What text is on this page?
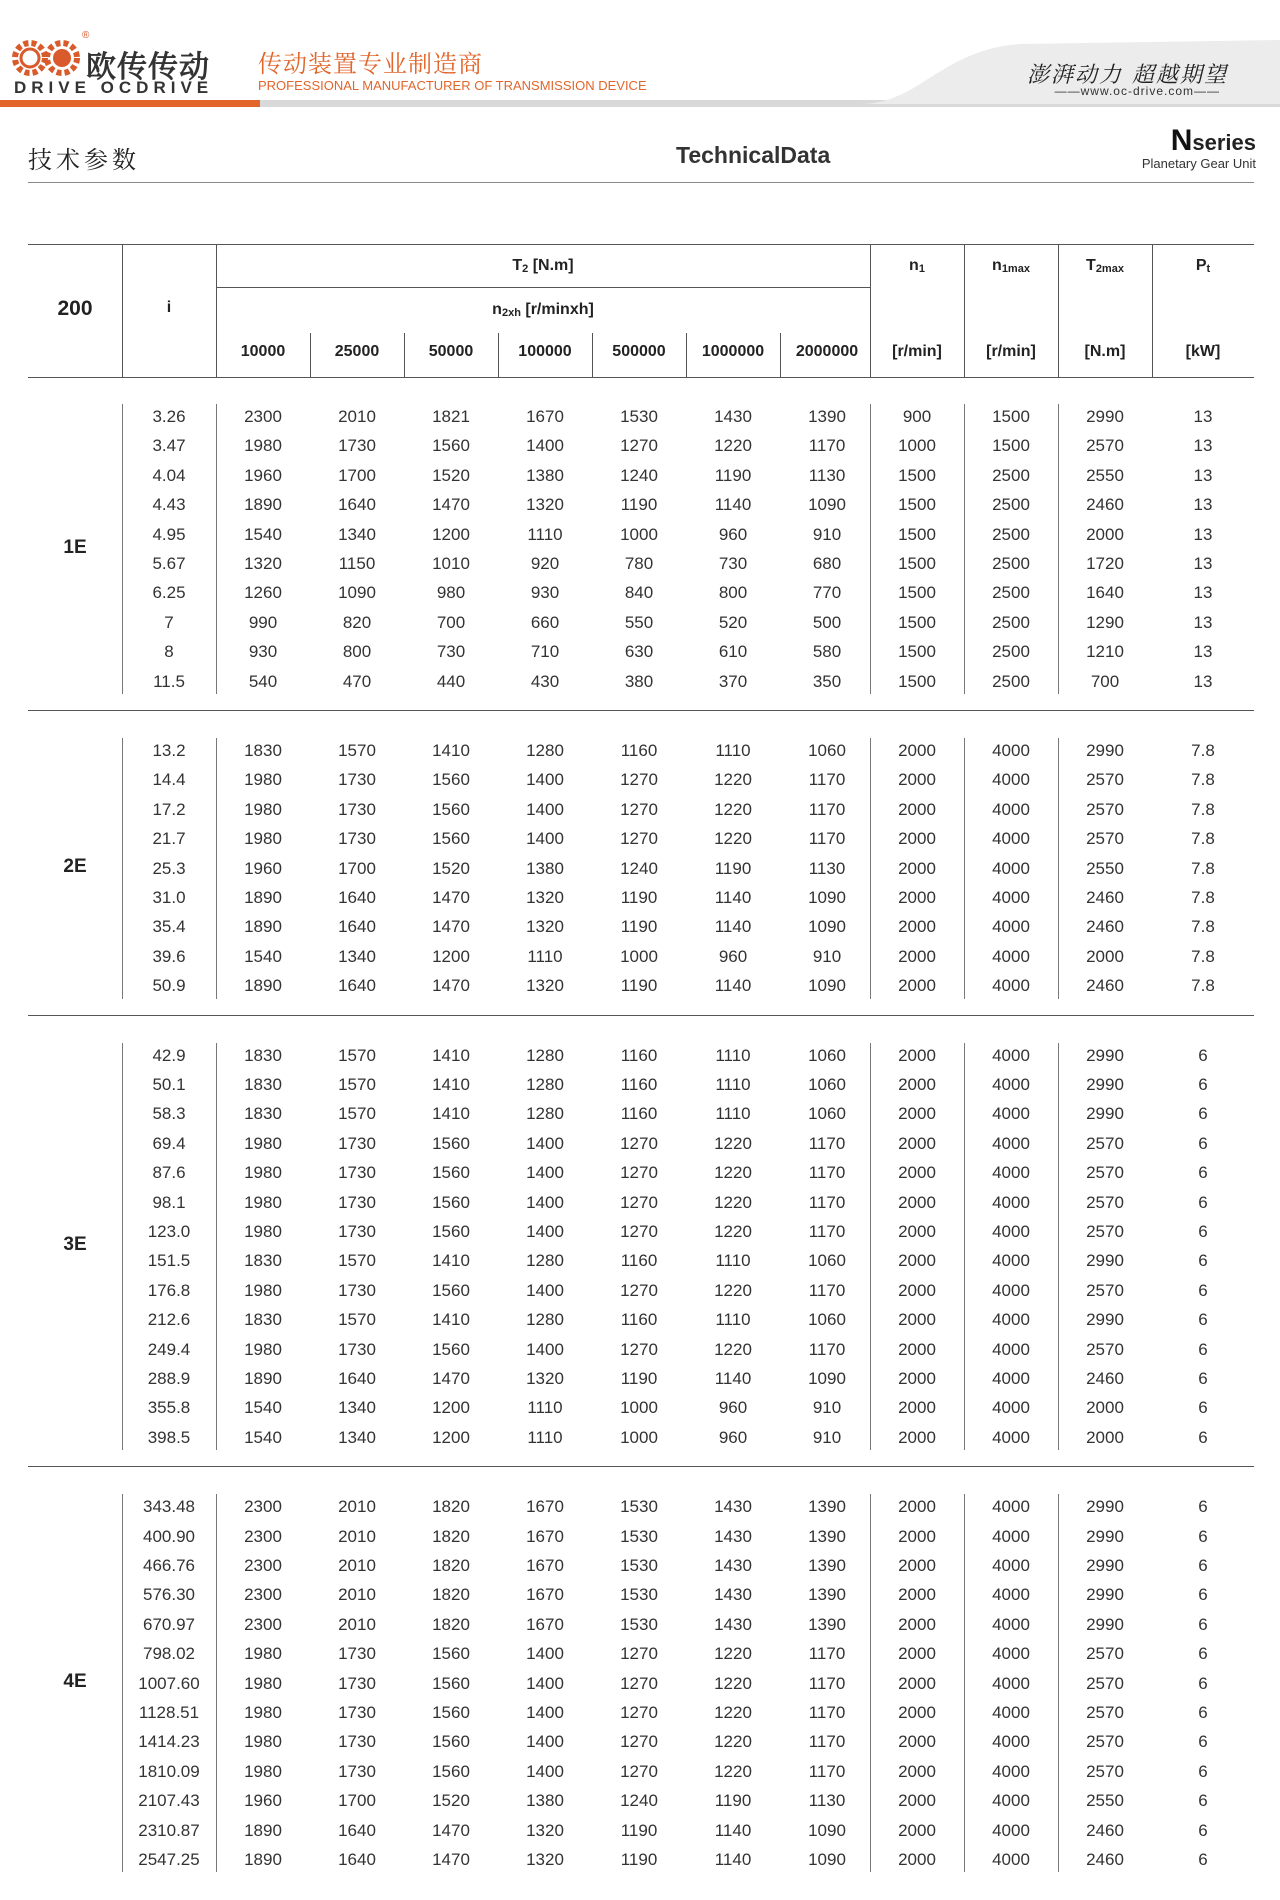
®
欧传传动
DRIVE OCDRIVE
传动装置专业制造商
PROFESSIONAL MANUFACTURER OF TRANSMISSION DEVICE	澎湃动力 超越期望
——www.oc-drive.com——
技术参数	TechnicalData	Nseries
Planetary Gear Unit
200	i
$T_2$ [N.m]
$n_{2xh}$ [r/minxh]
10000	25000	50000	100000	500000	1000000	2000000
$n_1$
[r/min]
$n_{1max}$
[r/min]
$T_{2max}$
[N.m]
$P_t$
[kW]
1E
3.26	2300	2010	1821	1670	1530	1430	1390	900	1500	2990	13
3.47	1980	1730	1560	1400	1270	1220	1170	1000	1500	2570	13
4.04	1960	1700	1520	1380	1240	1190	1130	1500	2500	2550	13
4.43	1890	1640	1470	1320	1190	1140	1090	1500	2500	2460	13
4.95	1540	1340	1200	1110	1000	960	910	1500	2500	2000	13
5.67	1320	1150	1010	920	780	730	680	1500	2500	1720	13
6.25	1260	1090	980	930	840	800	770	1500	2500	1640	13
7	990	820	700	660	550	520	500	1500	2500	1290	13
8	930	800	730	710	630	610	580	1500	2500	1210	13
11.5	540	470	440	430	380	370	350	1500	2500	700	13
2E
13.2	1830	1570	1410	1280	1160	1110	1060	2000	4000	2990	7.8
14.4	1980	1730	1560	1400	1270	1220	1170	2000	4000	2570	7.8
17.2	1980	1730	1560	1400	1270	1220	1170	2000	4000	2570	7.8
21.7	1980	1730	1560	1400	1270	1220	1170	2000	4000	2570	7.8
25.3	1960	1700	1520	1380	1240	1190	1130	2000	4000	2550	7.8
31.0	1890	1640	1470	1320	1190	1140	1090	2000	4000	2460	7.8
35.4	1890	1640	1470	1320	1190	1140	1090	2000	4000	2460	7.8
39.6	1540	1340	1200	1110	1000	960	910	2000	4000	2000	7.8
50.9	1890	1640	1470	1320	1190	1140	1090	2000	4000	2460	7.8
3E
42.9	1830	1570	1410	1280	1160	1110	1060	2000	4000	2990	6
50.1	1830	1570	1410	1280	1160	1110	1060	2000	4000	2990	6
58.3	1830	1570	1410	1280	1160	1110	1060	2000	4000	2990	6
69.4	1980	1730	1560	1400	1270	1220	1170	2000	4000	2570	6
87.6	1980	1730	1560	1400	1270	1220	1170	2000	4000	2570	6
98.1	1980	1730	1560	1400	1270	1220	1170	2000	4000	2570	6
123.0	1980	1730	1560	1400	1270	1220	1170	2000	4000	2570	6
151.5	1830	1570	1410	1280	1160	1110	1060	2000	4000	2990	6
176.8	1980	1730	1560	1400	1270	1220	1170	2000	4000	2570	6
212.6	1830	1570	1410	1280	1160	1110	1060	2000	4000	2990	6
249.4	1980	1730	1560	1400	1270	1220	1170	2000	4000	2570	6
288.9	1890	1640	1470	1320	1190	1140	1090	2000	4000	2460	6
355.8	1540	1340	1200	1110	1000	960	910	2000	4000	2000	6
398.5	1540	1340	1200	1110	1000	960	910	2000	4000	2000	6
4E
343.48	2300	2010	1820	1670	1530	1430	1390	2000	4000	2990	6
400.90	2300	2010	1820	1670	1530	1430	1390	2000	4000	2990	6
466.76	2300	2010	1820	1670	1530	1430	1390	2000	4000	2990	6
576.30	2300	2010	1820	1670	1530	1430	1390	2000	4000	2990	6
670.97	2300	2010	1820	1670	1530	1430	1390	2000	4000	2990	6
798.02	1980	1730	1560	1400	1270	1220	1170	2000	4000	2570	6
1007.60	1980	1730	1560	1400	1270	1220	1170	2000	4000	2570	6
1128.51	1980	1730	1560	1400	1270	1220	1170	2000	4000	2570	6
1414.23	1980	1730	1560	1400	1270	1220	1170	2000	4000	2570	6
1810.09	1980	1730	1560	1400	1270	1220	1170	2000	4000	2570	6
2107.43	1960	1700	1520	1380	1240	1190	1130	2000	4000	2550	6
2310.87	1890	1640	1470	1320	1190	1140	1090	2000	4000	2460	6
2547.25	1890	1640	1470	1320	1190	1140	1090	2000	4000	2460	6
